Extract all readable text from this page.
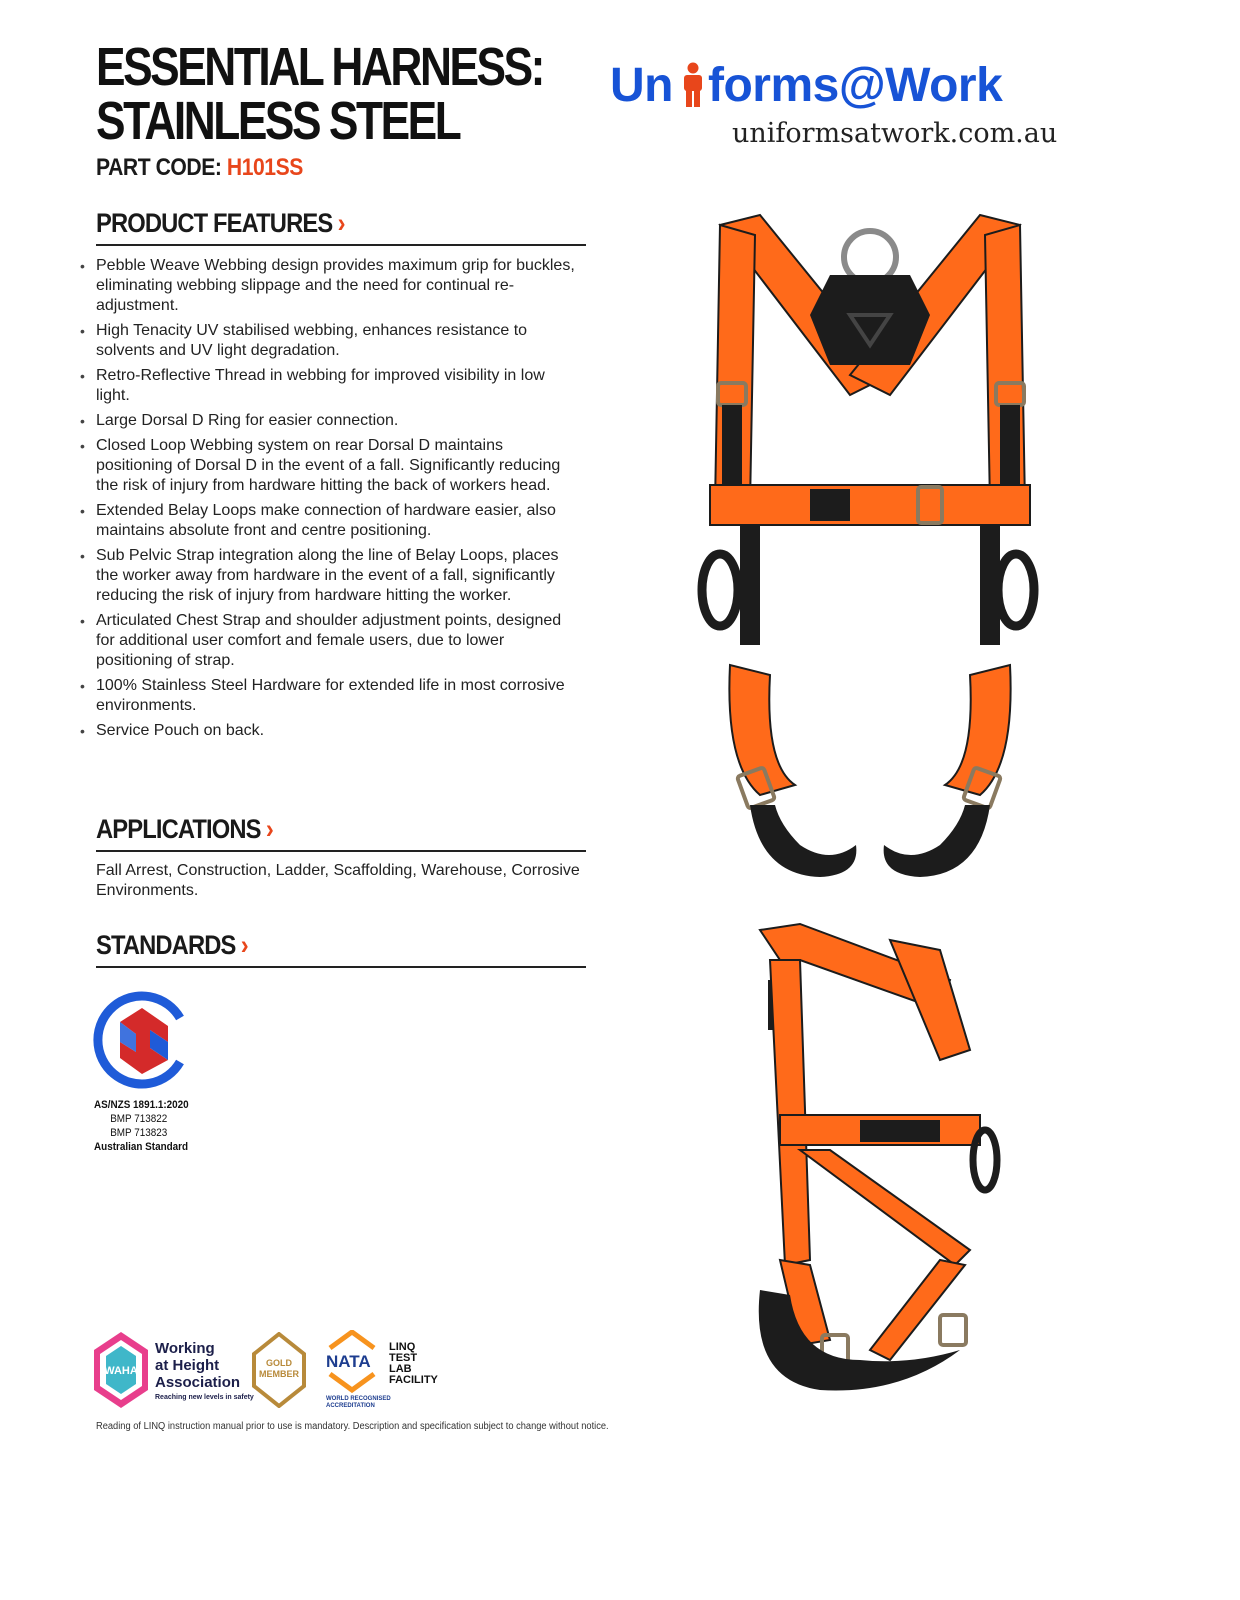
ESSENTIAL HARNESS:
STAINLESS STEEL
PART CODE: H101SS
Un forms@Work
uniformsatwork.com.au
PRODUCT FEATURES ›
• Pebble Weave Webbing design provides maximum grip for buckles, eliminating webbing slippage and the need for continual re-adjustment.
• High Tenacity UV stabilised webbing, enhances resistance to solvents and UV light degradation.
• Retro-Reflective Thread in webbing for improved visibility in low light.
• Large Dorsal D Ring for easier connection.
• Closed Loop Webbing system on rear Dorsal D maintains positioning of Dorsal D in the event of a fall. Significantly reducing the risk of injury from hardware hitting the back of workers head.
• Extended Belay Loops make connection of hardware easier, also maintains absolute front and centre positioning.
• Sub Pelvic Strap integration along the line of Belay Loops, places the worker away from hardware in the event of a fall, significantly reducing the risk of injury from hardware hitting the worker.
• Articulated Chest Strap and shoulder adjustment points, designed for additional user comfort and female users, due to lower positioning of strap.
• 100% Stainless Steel Hardware for extended life in most corrosive environments.
• Service Pouch on back.
APPLICATIONS ›
Fall Arrest, Construction, Ladder, Scaffolding, Warehouse, Corrosive Environments.
STANDARDS ›
AS/NZS 1891.1:2020
BMP 713822
BMP 713823
Australian Standard
WAHA
Working
at Height
Association
Reaching new levels in safety
GOLD
MEMBER
NATA
WORLD RECOGNISED
ACCREDITATION
LINQ
TEST
LAB
FACILITY
Reading of LINQ instruction manual prior to use is mandatory. Description and specification subject to change without notice.
